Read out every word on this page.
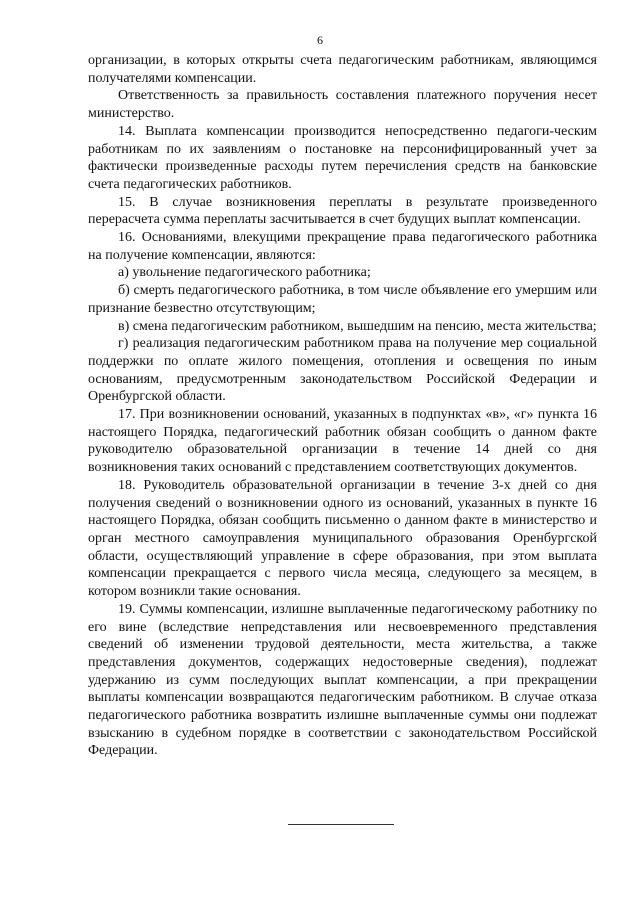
6

организации, в которых открыты счета педагогическим работникам, являющимся получателями компенсации.

Ответственность за правильность составления платежного поручения несет министерство.

14. Выплата компенсации производится непосредственно педагоги-ческим работникам по их заявлениям о постановке на персонифицированный учет за фактически произведенные расходы путем перечисления средств на банковские счета педагогических работников.

15. В случае возникновения переплаты в результате произведенного перерасчета сумма переплаты засчитывается в счет будущих выплат компенсации.

16. Основаниями, влекущими прекращение права педагогического работника на получение компенсации, являются:

а) увольнение педагогического работника;

б) смерть педагогического работника, в том числе объявление его умершим или признание безвестно отсутствующим;

в) смена педагогическим работником, вышедшим на пенсию, места жительства;

г) реализация педагогическим работником права на получение мер социальной поддержки по оплате жилого помещения, отопления и освещения по иным основаниям, предусмотренным законодательством Российской Федерации и Оренбургской области.

17. При возникновении оснований, указанных в подпунктах «в», «г» пункта 16 настоящего Порядка, педагогический работник обязан сообщить о данном факте руководителю образовательной организации в течение 14 дней со дня возникновения таких оснований с представлением соответствующих документов.

18. Руководитель образовательной организации в течение 3-х дней со дня получения сведений о возникновении одного из оснований, указанных в пункте 16 настоящего Порядка, обязан сообщить письменно о данном факте в министерство и орган местного самоуправления муниципального образования Оренбургской области, осуществляющий управление в сфере образования, при этом выплата компенсации прекращается с первого числа месяца, следующего за месяцем, в котором возникли такие основания.

19. Суммы компенсации, излишне выплаченные педагогическому работнику по его вине (вследствие непредставления или несвоевременного представления сведений об изменении трудовой деятельности, места жительства, а также представления документов, содержащих недостоверные сведения), подлежат удержанию из сумм последующих выплат компенсации, а при прекращении выплаты компенсации возвращаются педагогическим работником. В случае отказа педагогического работника возвратить излишне выплаченные суммы они подлежат взысканию в судебном порядке в соответствии с законодательством Российской Федерации.
